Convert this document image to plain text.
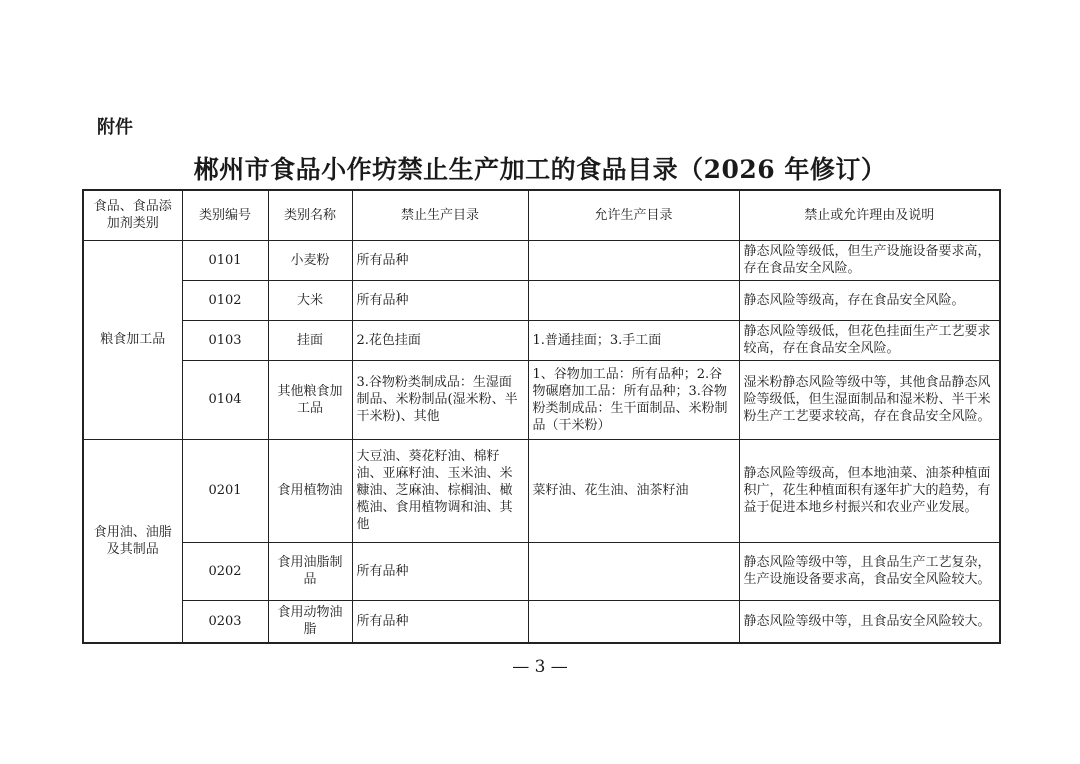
附件
郴州市食品小作坊禁止生产加工的食品目录（2026 年修订）
食品、食品添加剂类别	类别编号	类别名称	禁止生产目录	允许生产目录	禁止或允许理由及说明
粮食加工品	0101	小麦粉	所有品种		静态风险等级低，但生产设施设备要求高，存在食品安全风险。
	0102	大米	所有品种		静态风险等级高，存在食品安全风险。
	0103	挂面	2.花色挂面	1.普通挂面；3.手工面	静态风险等级低，但花色挂面生产工艺要求较高，存在食品安全风险。
	0104	其他粮食加工品	3.谷物粉类制成品：生湿面制品、米粉制品(湿米粉、半干米粉)、其他	1、谷物加工品：所有品种；2.谷物碾磨加工品：所有品种；3.谷物粉类制成品：生干面制品、米粉制品（干米粉）	湿米粉静态风险等级中等，其他食品静态风险等级低，但生湿面制品和湿米粉、半干米粉生产工艺要求较高，存在食品安全风险。
食用油、油脂及其制品	0201	食用植物油	大豆油、葵花籽油、棉籽油、亚麻籽油、玉米油、米糠油、芝麻油、棕榈油、橄榄油、食用植物调和油、其他	菜籽油、花生油、油茶籽油	静态风险等级高，但本地油菜、油茶种植面积广，花生种植面积有逐年扩大的趋势，有益于促进本地乡村振兴和农业产业发展。
	0202	食用油脂制品	所有品种		静态风险等级中等，且食品生产工艺复杂，生产设施设备要求高，食品安全风险较大。
	0203	食用动物油脂	所有品种		静态风险等级中等，且食品安全风险较大。
— 3 —
